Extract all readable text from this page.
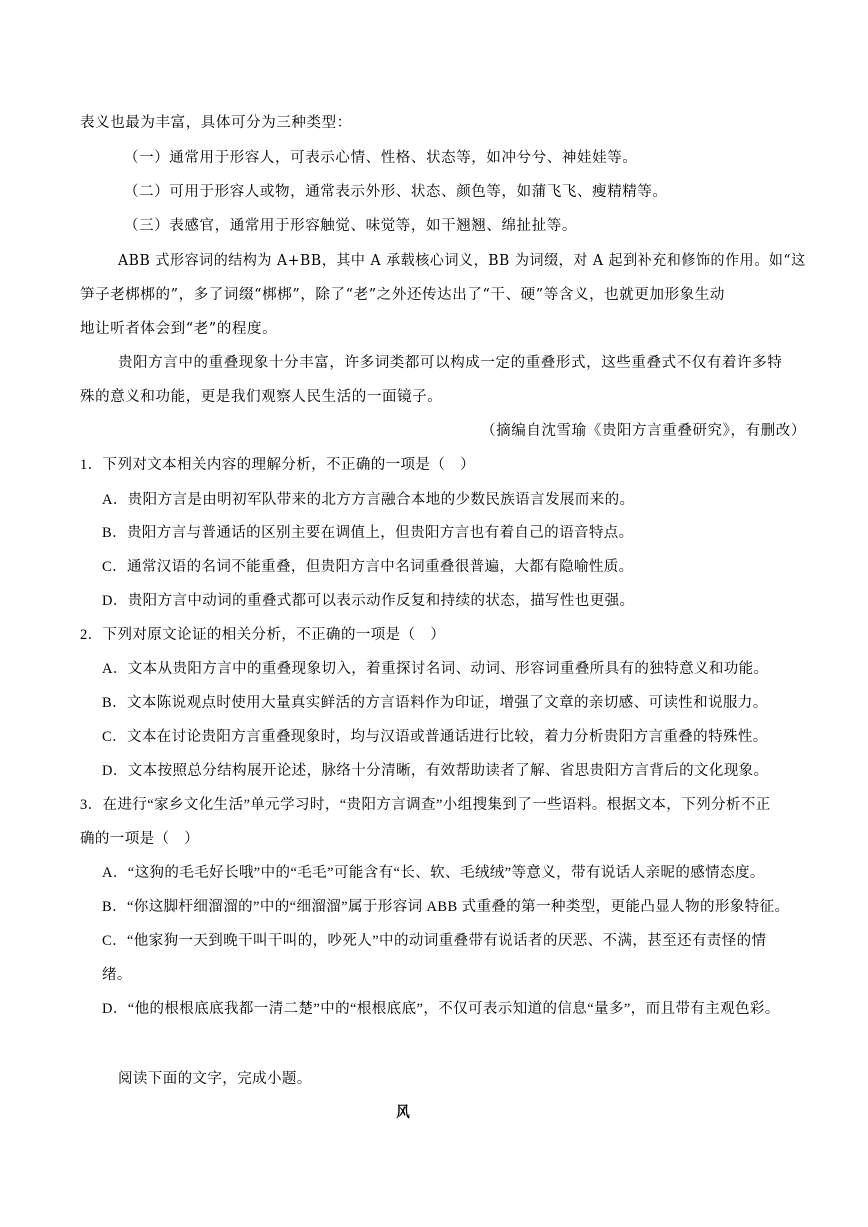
表义也最为丰富，具体可分为三种类型：
（一）通常用于形容人，可表示心情、性格、状态等，如冲兮兮、神娃娃等。
（二）可用于形容人或物，通常表示外形、状态、颜色等，如蒲飞飞、瘦精精等。
（三）表感官，通常用于形容触觉、味觉等，如干翘翘、绵扯扯等。
ABB 式形容词的结构为 A+BB，其中 A 承载核心词义，BB 为词缀，对 A 起到补充和修饰的作用。如“这
笋子老梆梆的”，多了词缀“梆梆”，除了“老”之外还传达出了“干、硬”等含义，也就更加形象生动
地让听者体会到“老”的程度。
贵阳方言中的重叠现象十分丰富，许多词类都可以构成一定的重叠形式，这些重叠式不仅有着许多特
殊的意义和功能，更是我们观察人民生活的一面镜子。
（摘编自沈雪瑜《贵阳方言重叠研究》，有删改）
1．下列对文本相关内容的理解分析，不正确的一项是（　）
A．贵阳方言是由明初军队带来的北方方言融合本地的少数民族语言发展而来的。
B．贵阳方言与普通话的区别主要在调值上，但贵阳方言也有着自己的语音特点。
C．通常汉语的名词不能重叠，但贵阳方言中名词重叠很普遍，大都有隐喻性质。
D．贵阳方言中动词的重叠式都可以表示动作反复和持续的状态，描写性也更强。
2．下列对原文论证的相关分析，不正确的一项是（　）
A．文本从贵阳方言中的重叠现象切入，着重探讨名词、动词、形容词重叠所具有的独特意义和功能。
B．文本陈说观点时使用大量真实鲜活的方言语料作为印证，增强了文章的亲切感、可读性和说服力。
C．文本在讨论贵阳方言重叠现象时，均与汉语或普通话进行比较，着力分析贵阳方言重叠的特殊性。
D．文本按照总分结构展开论述，脉络十分清晰，有效帮助读者了解、省思贵阳方言背后的文化现象。
3．在进行“家乡文化生活”单元学习时，“贵阳方言调查”小组搜集到了一些语料。根据文本，下列分析不正
确的一项是（　）
A．“这狗的毛毛好长哦”中的“毛毛”可能含有“长、软、毛绒绒”等意义，带有说话人亲昵的感情态度。
B．“你这脚杆细溜溜的”中的“细溜溜”属于形容词 ABB 式重叠的第一种类型，更能凸显人物的形象特征。
C．“他家狗一天到晚干叫干叫的，吵死人”中的动词重叠带有说话者的厌恶、不满，甚至还有责怪的情
绪。
D．“他的根根底底我都一清二楚”中的“根根底底”，不仅可表示知道的信息“量多”，而且带有主观色彩。
阅读下面的文字，完成小题。
风
